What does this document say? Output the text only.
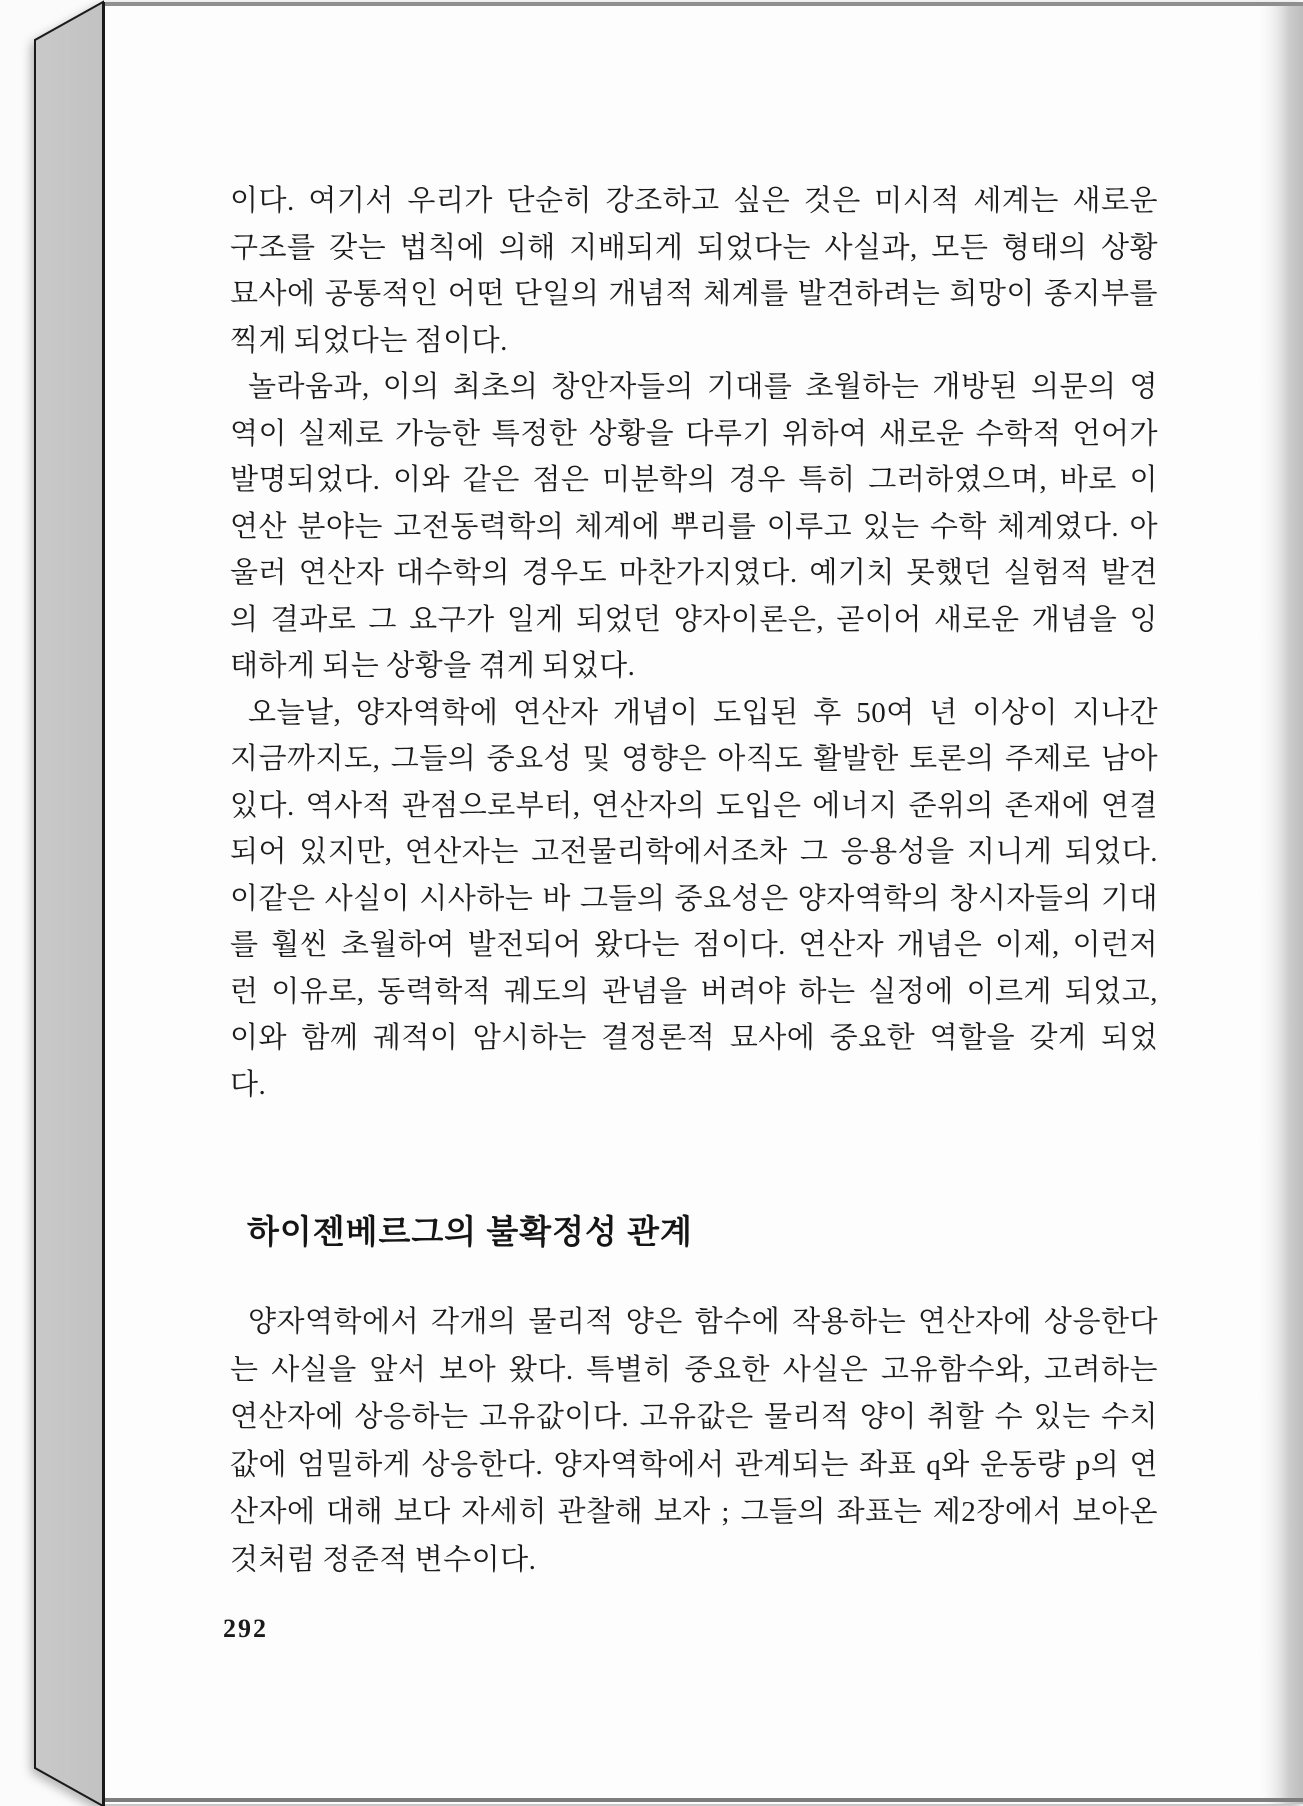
이다. 여기서 우리가 단순히 강조하고 싶은 것은 미시적 세계는 새로운
구조를 갖는 법칙에 의해 지배되게 되었다는 사실과, 모든 형태의 상황
묘사에 공통적인 어떤 단일의 개념적 체계를 발견하려는 희망이 종지부를
찍게 되었다는 점이다.
놀라움과, 이의 최초의 창안자들의 기대를 초월하는 개방된 의문의 영
역이 실제로 가능한 특정한 상황을 다루기 위하여 새로운 수학적 언어가
발명되었다. 이와 같은 점은 미분학의 경우 특히 그러하였으며, 바로 이
연산 분야는 고전동력학의 체계에 뿌리를 이루고 있는 수학 체계였다. 아
울러 연산자 대수학의 경우도 마찬가지였다. 예기치 못했던 실험적 발견
의 결과로 그 요구가 일게 되었던 양자이론은, 곧이어 새로운 개념을 잉
태하게 되는 상황을 겪게 되었다.
오늘날, 양자역학에 연산자 개념이 도입된 후 50여 년 이상이 지나간
지금까지도, 그들의 중요성 및 영향은 아직도 활발한 토론의 주제로 남아
있다. 역사적 관점으로부터, 연산자의 도입은 에너지 준위의 존재에 연결
되어 있지만, 연산자는 고전물리학에서조차 그 응용성을 지니게 되었다.
이같은 사실이 시사하는 바 그들의 중요성은 양자역학의 창시자들의 기대
를 훨씬 초월하여 발전되어 왔다는 점이다. 연산자 개념은 이제, 이런저
런 이유로, 동력학적 궤도의 관념을 버려야 하는 실정에 이르게 되었고,
이와 함께 궤적이 암시하는 결정론적 묘사에 중요한 역할을 갖게 되었
다.
하이젠베르그의 불확정성 관계
양자역학에서 각개의 물리적 양은 함수에 작용하는 연산자에 상응한다
는 사실을 앞서 보아 왔다. 특별히 중요한 사실은 고유함수와, 고려하는
연산자에 상응하는 고유값이다. 고유값은 물리적 양이 취할 수 있는 수치
값에 엄밀하게 상응한다. 양자역학에서 관계되는 좌표 q와 운동량 p의 연
산자에 대해 보다 자세히 관찰해 보자 ; 그들의 좌표는 제2장에서 보아온
것처럼 정준적 변수이다.
292
